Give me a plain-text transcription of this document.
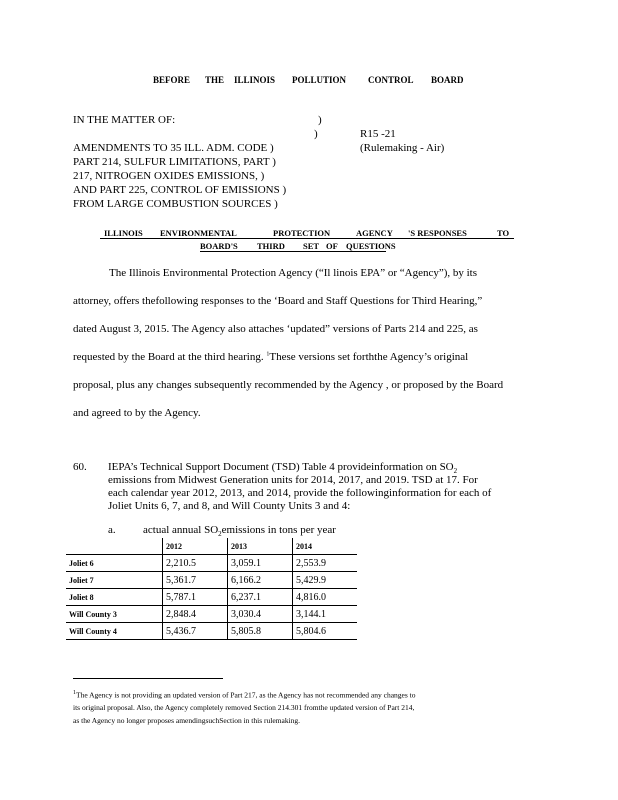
BEFORE THE ILLINOIS POLLUTION CONTROL BOARD
IN THE MATTER OF:
AMENDMENTS TO 35 ILL. ADM. CODE )
PART 214, SULFUR LIMITATIONS, PART )
217, NITROGEN OXIDES EMISSIONS, )
AND PART 225, CONTROL OF EMISSIONS )
FROM LARGE COMBUSTION SOURCES )
)
)	R15 -21
(Rulemaking - Air)
ILLINOIS ENVIRONMENTAL	PROTECTION	AGENCY 'S RESPONSES	TO
BOARD'S THIRD SET OF QUESTIONS
The Illinois Environmental Protection Agency (“Il linois EPA” or “Agency”), by its
attorney, offers thefollowing responses to the ‘Board and Staff Questions for Third Hearing,”
dated August 3, 2015. The Agency also attaches ‘updated” versions of Parts 214 and 225, as
requested by the Board at the third hearing. $^1$These versions set forththe Agency’s original
proposal, plus any changes subsequently recommended by the Agency , or proposed by the Board
and agreed to by the Agency.
60. IEPA’s Technical Support Document (TSD) Table 4 provideinformation on $SO_2$
emissions from Midwest Generation units for 2014, 2017, and 2019. TSD at 17. For
each calendar year 2012, 2013, and 2014, provide the followinginformation for each of
Joliet Units 6, 7, and 8, and Will County Units 3 and 4:
a. actual annual $SO_2emissions$ in tons per year
	2012	2013	2014
Joliet 6	2,210.5	3,059.1	2,553.9
Joliet 7	5,361.7	6,166.2	5,429.9
Joliet 8	5,787.1	6,237.1	4,816.0
Will County 3	2,848.4	3,030.4	3,144.1
Will County 4	5,436.7	5,805.8	5,804.6
$^1$The Agency is not providing an updated version of Part 217, as the Agency has not recommended any changes to
its original proposal. Also, the Agency completely removed Section 214.301 fromthe updated version of Part 214,
as the Agency no longer proposes amendingsuchSection in this rulemaking.
